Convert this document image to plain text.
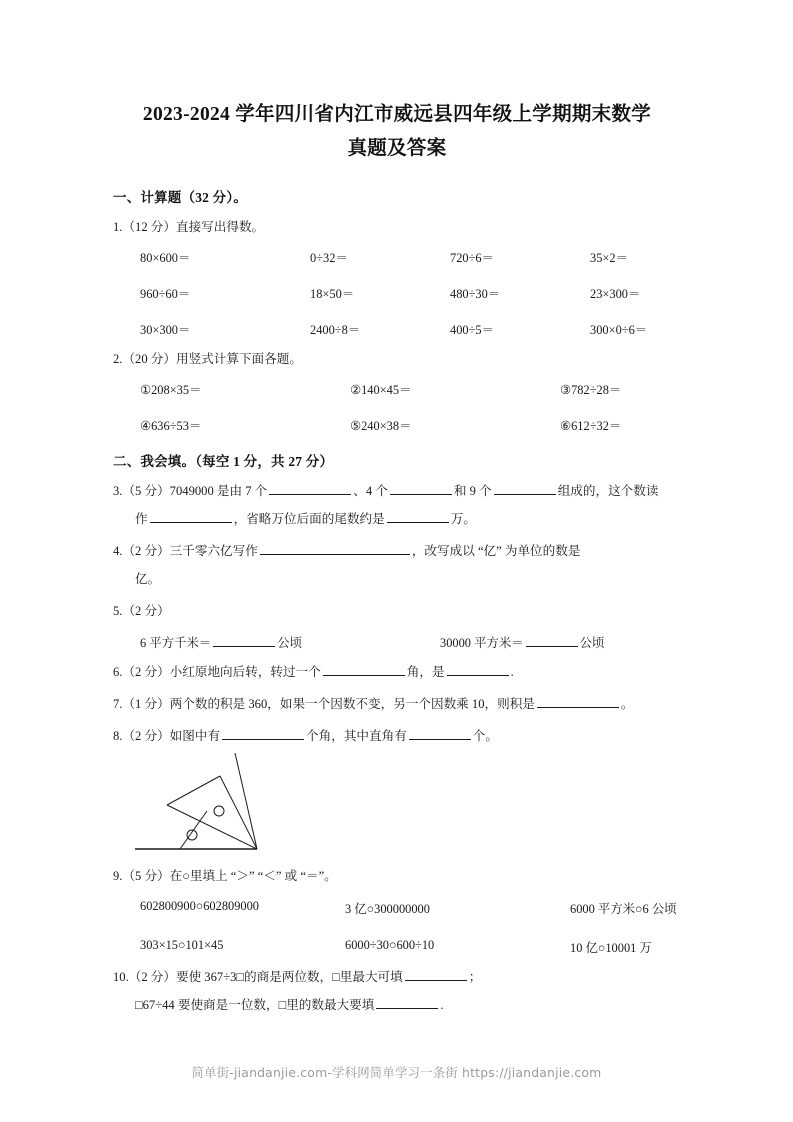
2023-2024 学年四川省内江市威远县四年级上学期期末数学
真题及答案
一、计算题（32 分）。
1.（12 分）直接写出得数。
80×600＝	0÷32＝	720÷6＝	35×2＝
960÷60＝	18×50＝	480÷30＝	23×300＝
30×300＝	2400÷8＝	400÷5＝	300×0÷6＝
2.（20 分）用竖式计算下面各题。
①208×35＝	②140×45＝	③782÷28＝
④636÷53＝	⑤240×38＝	⑥612÷32＝
二、我会填。（每空 1 分，共 27 分）
3.（5 分）7049000 是由 7 个	、4 个	和 9 个	组成的，这个数读
作	，省略万位后面的尾数约是	万。
4.（2 分）三千零六亿写作	，改写成以 “亿” 为单位的数是
亿。
5.（2 分）
6 平方千米＝	公顷	30000 平方米＝	公顷
6.（2 分）小红原地向后转，转过一个	角，是	.
7.（1 分）两个数的积是 360，如果一个因数不变，另一个因数乘 10，则积是	。
8.（2 分）如图中有	个角，其中直角有	个。
9.（5 分）在○里填上 “＞” “＜” 或 “＝”。
602800900○602809000	3 亿○300000000	6000 平方米○6 公顷
303×15○101×45	6000÷30○600÷10	10 亿○10001 万
10.（2 分）要使 367÷3□的商是两位数，□里最大可填	；
□67÷44 要使商是一位数，□里的数最大要填	.
简单街-jiandanjie.com-学科网简单学习一条街 https://jiandanjie.com
